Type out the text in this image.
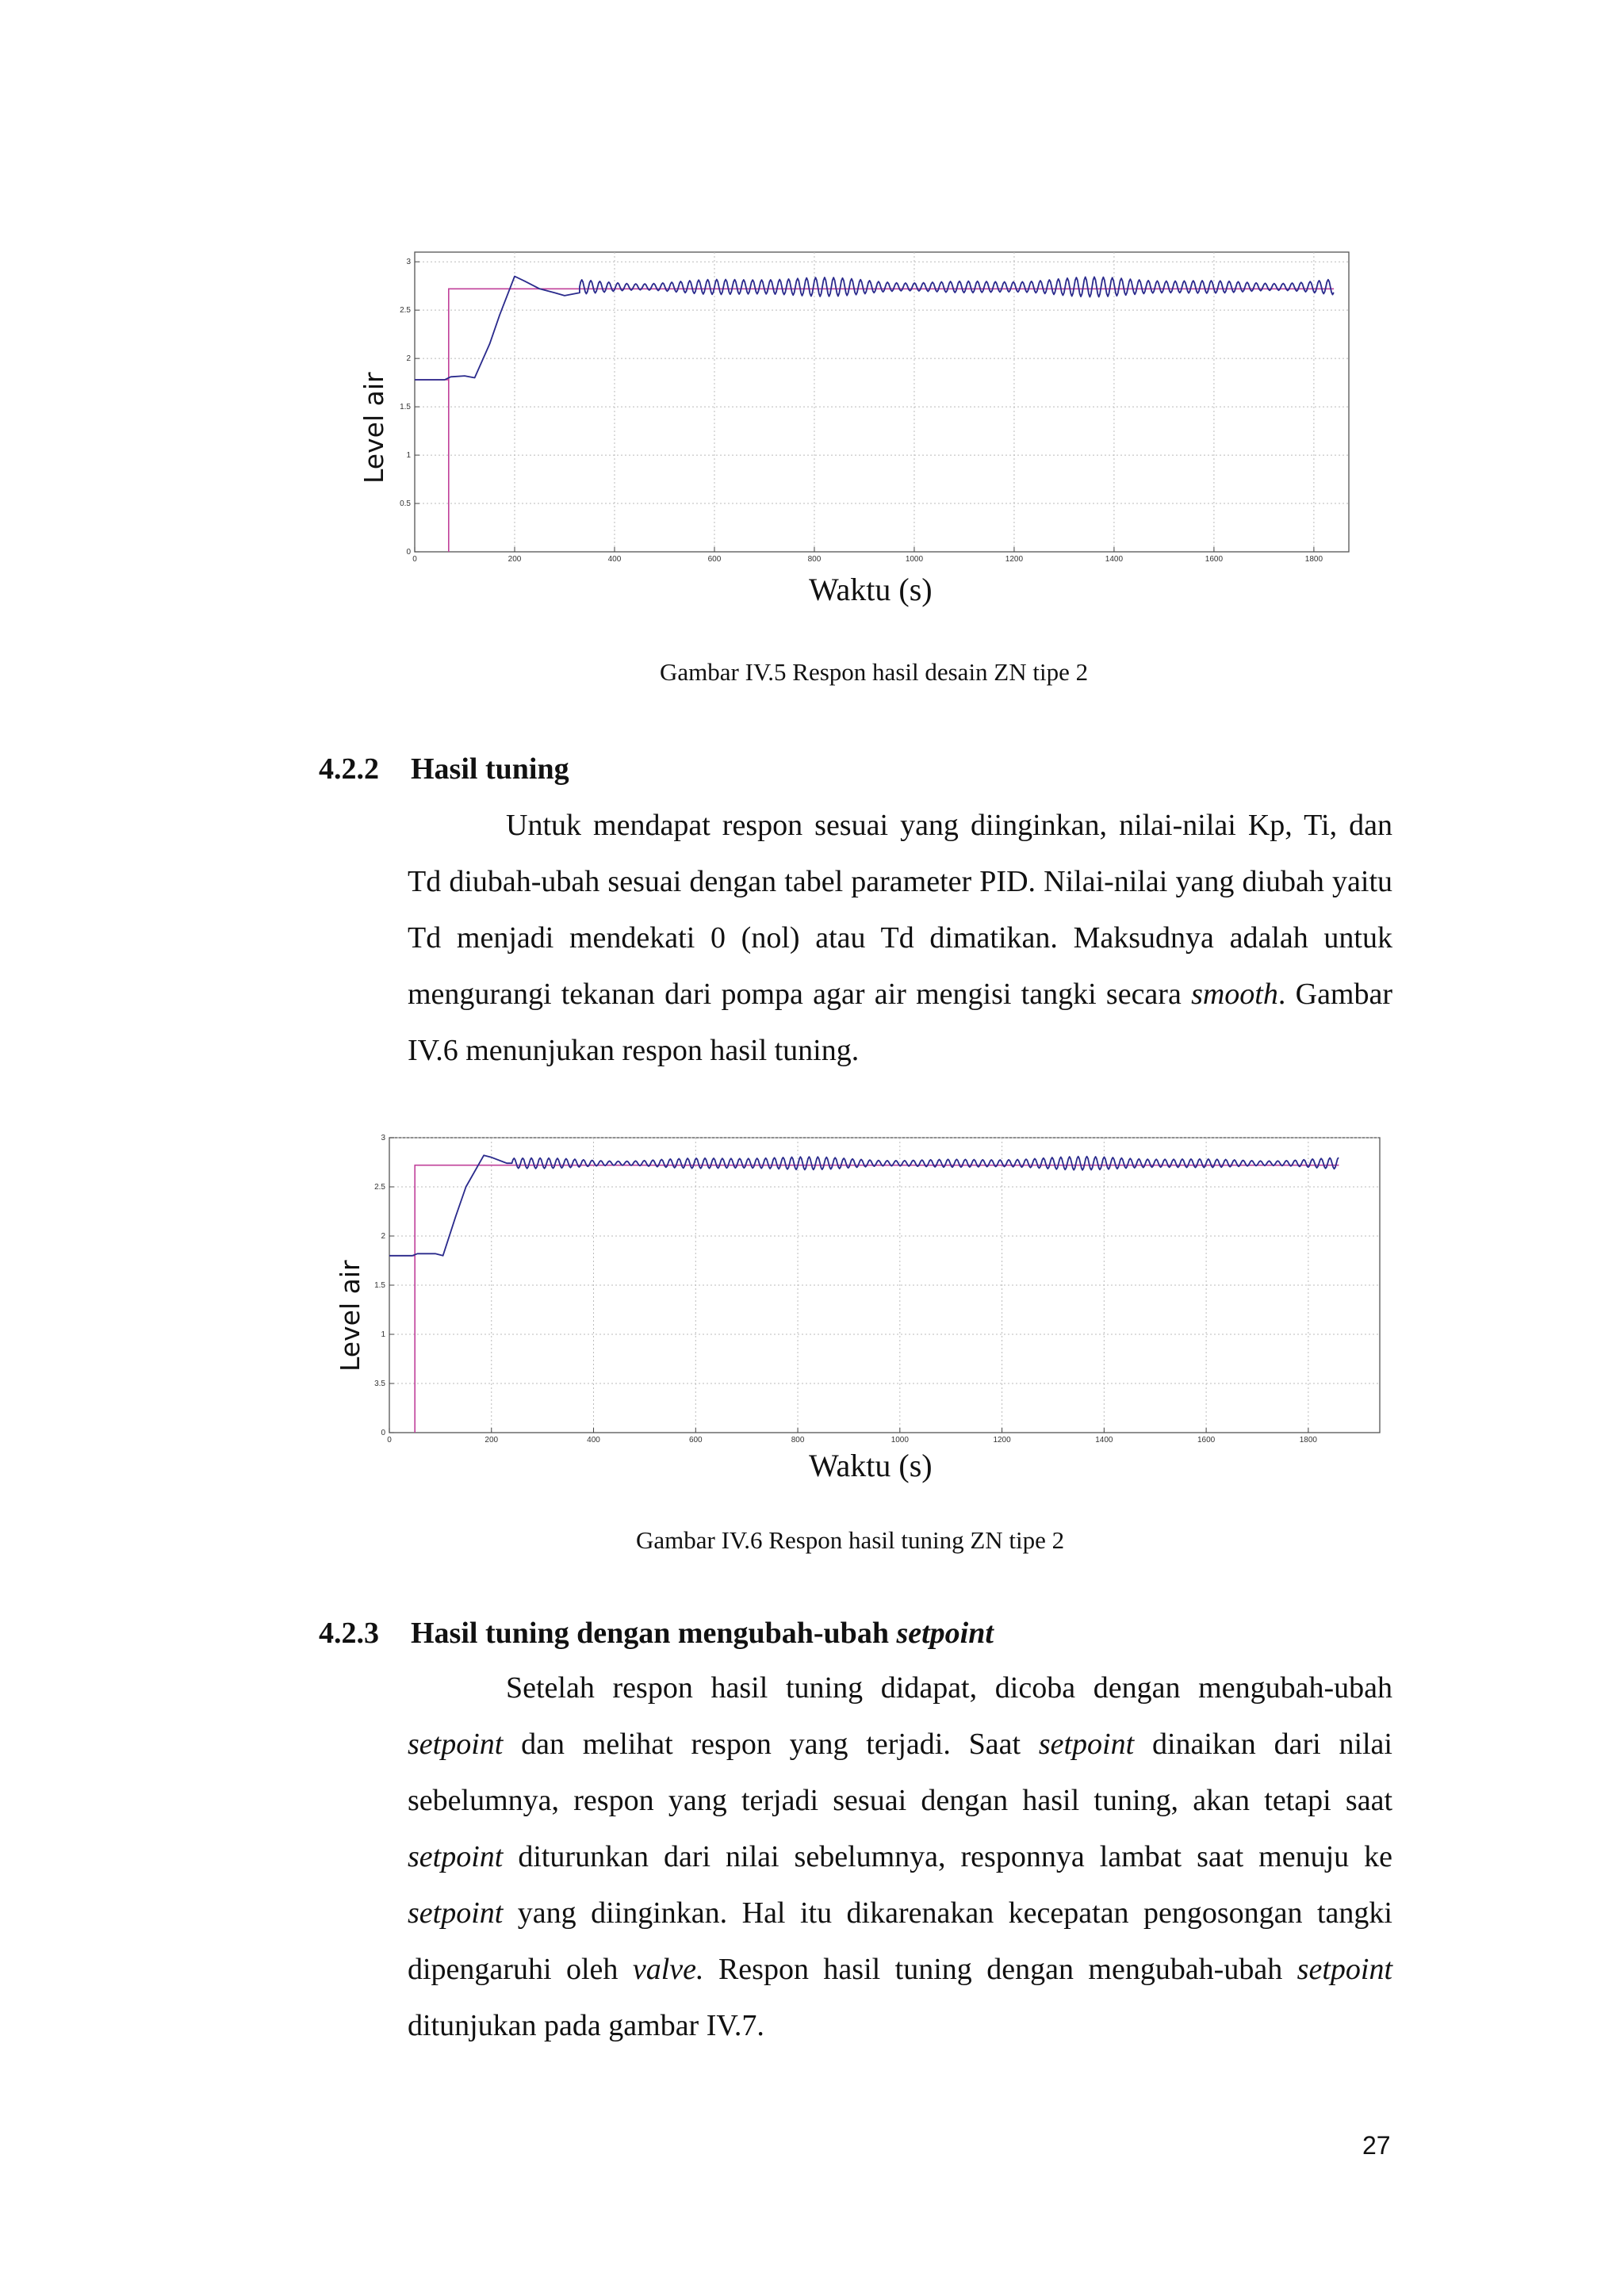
0	200	400	600	800	1000	1200	1400	1600	1800
0
0.5
1
1.5
2
2.5
3
Level air
Waktu (s)
Gambar IV.5 Respon hasil desain ZN tipe 2
4.2.2 Hasil tuning

Untuk mendapat respon sesuai yang diinginkan, nilai-nilai Kp, Ti, dan Td diubah-ubah sesuai dengan tabel parameter PID. Nilai-nilai yang diubah yaitu Td menjadi mendekati 0 (nol) atau Td dimatikan. Maksudnya adalah untuk mengurangi tekanan dari pompa agar air mengisi tangki secara smooth. Gambar IV.6 menunjukan respon hasil tuning.

0	200	400	600	800	1000	1200	1400	1600	1800
0
3.5
1
1.5
2
2.5
3
Level air
Waktu (s)
Gambar IV.6 Respon hasil tuning ZN tipe 2
4.2.3 Hasil tuning dengan mengubah-ubah setpoint

Setelah respon hasil tuning didapat, dicoba dengan mengubah-ubah setpoint dan melihat respon yang terjadi. Saat setpoint dinaikan dari nilai sebelumnya, respon yang terjadi sesuai dengan hasil tuning, akan tetapi saat setpoint diturunkan dari nilai sebelumnya, responnya lambat saat menuju ke setpoint yang diinginkan. Hal itu dikarenakan kecepatan pengosongan tangki dipengaruhi oleh valve. Respon hasil tuning dengan mengubah-ubah setpoint ditunjukan pada gambar IV.7.

27
